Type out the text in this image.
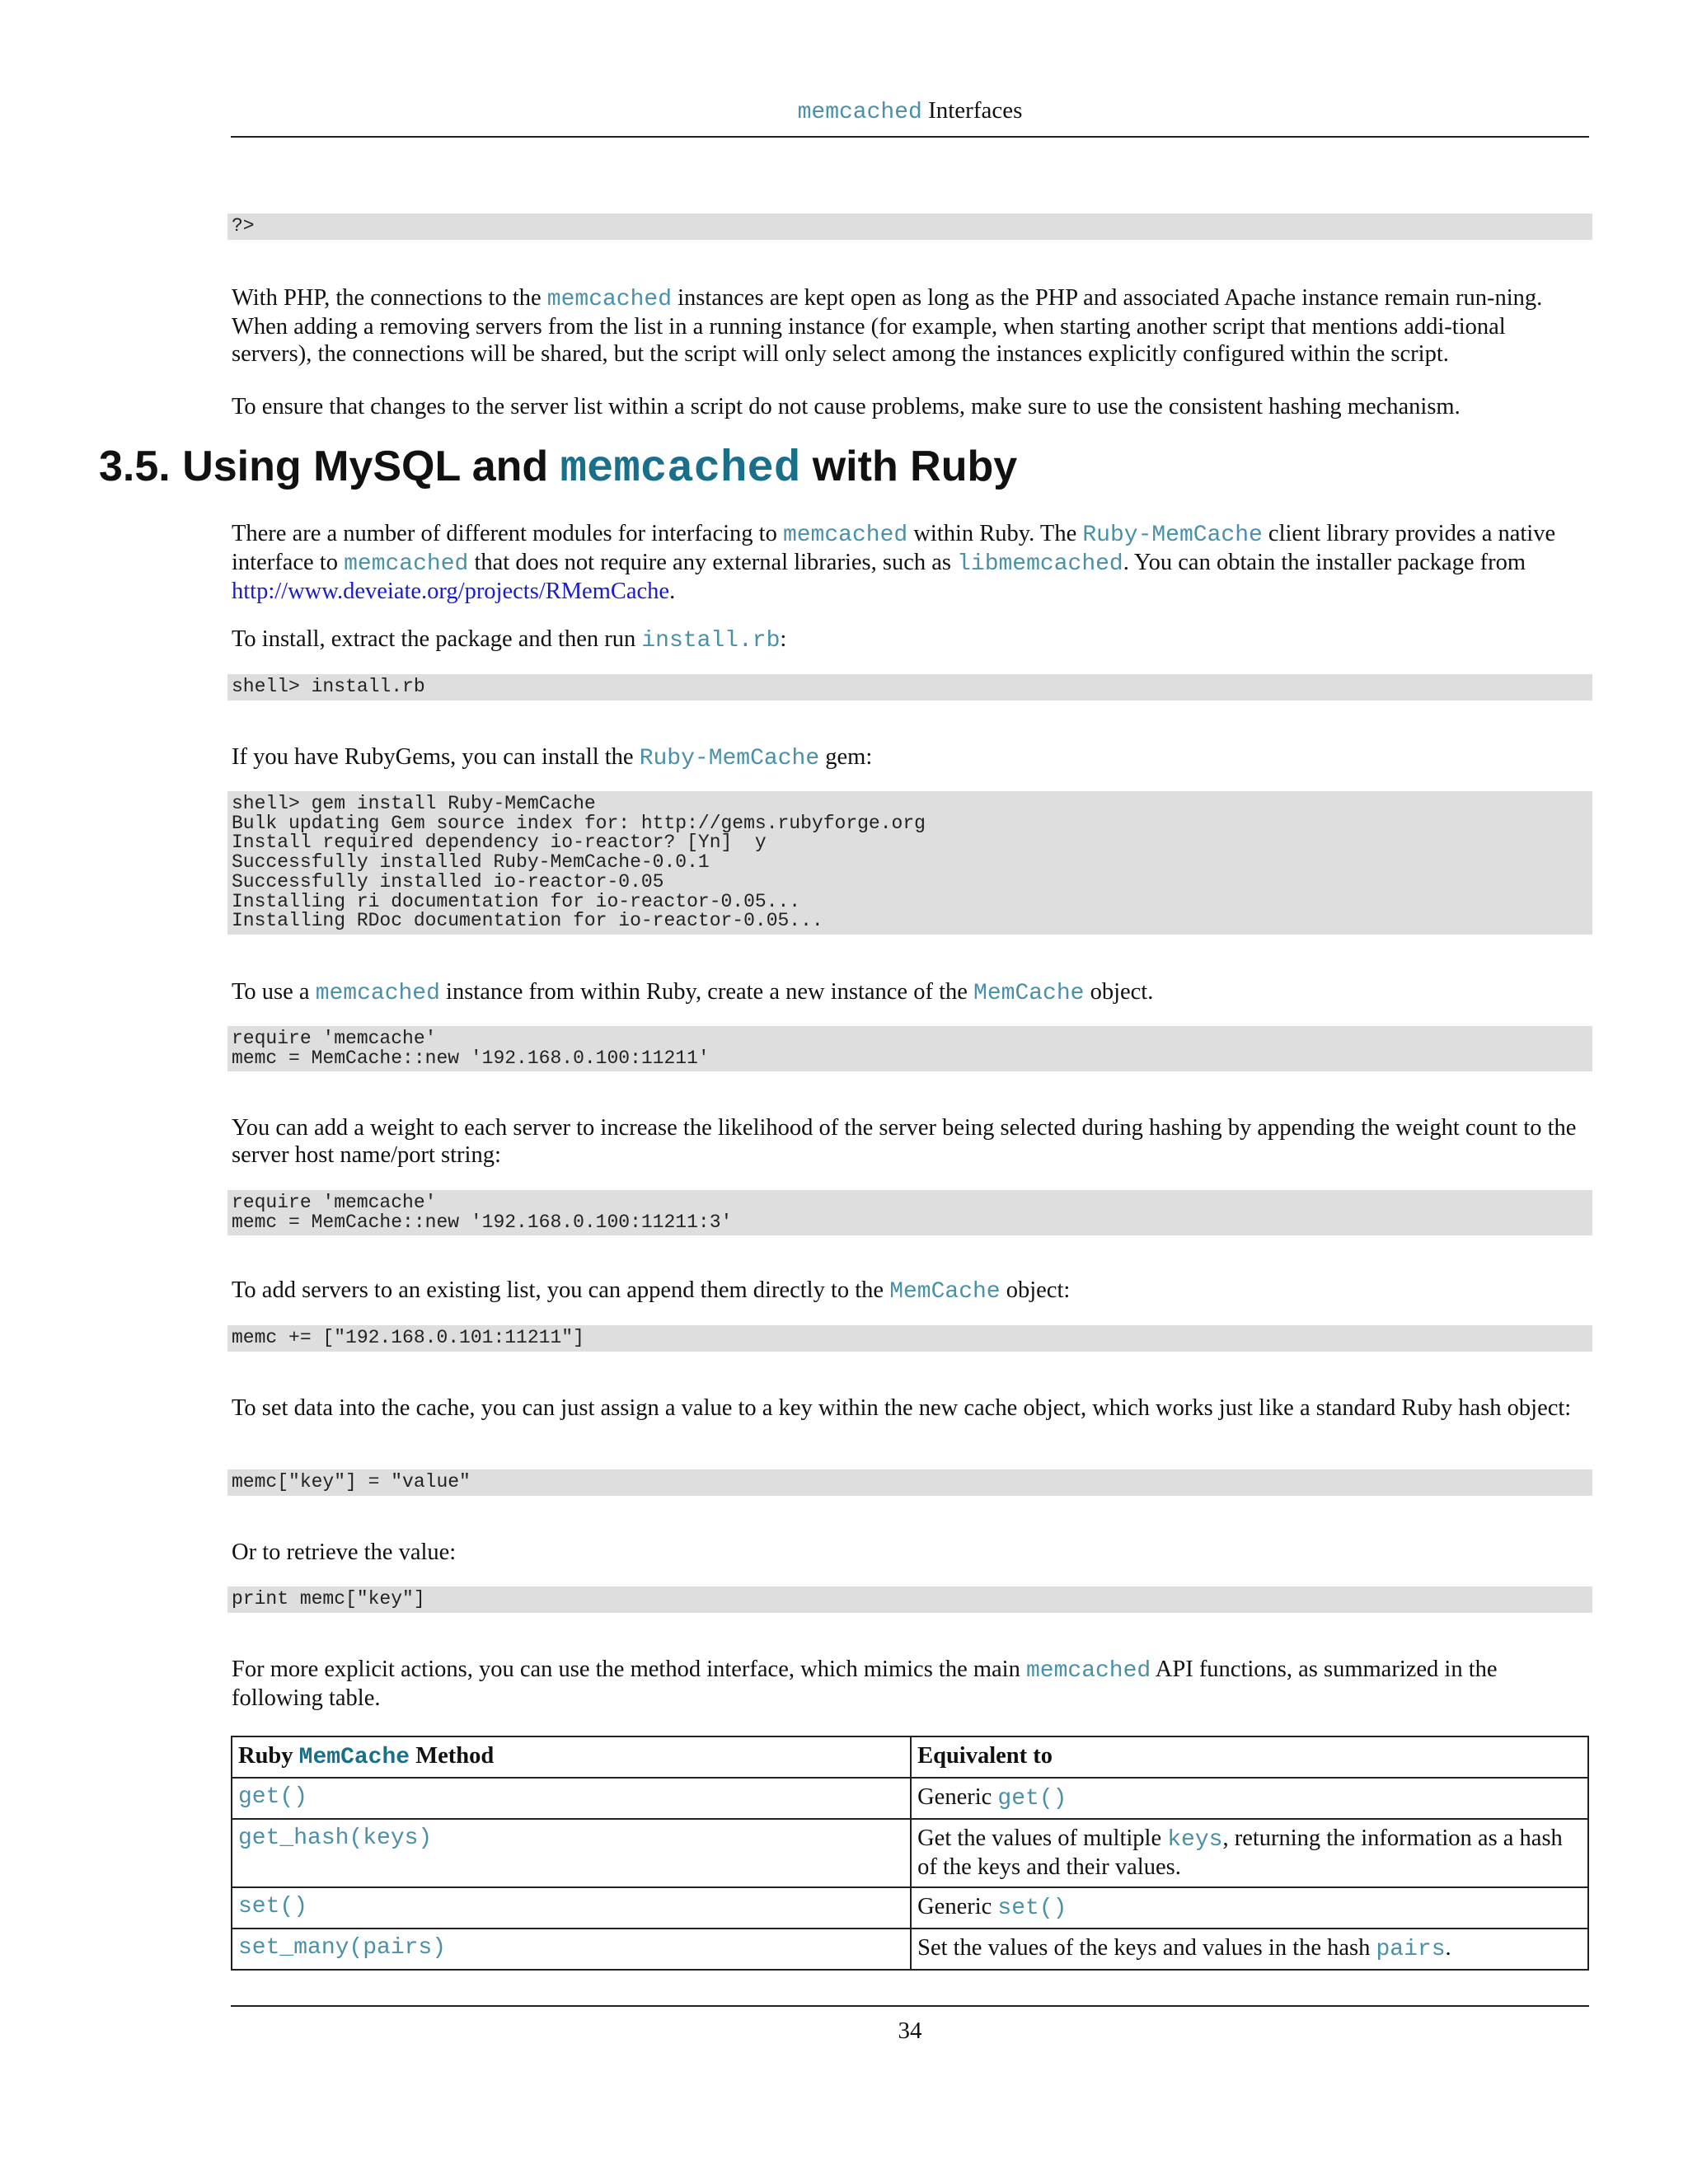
memcached Interfaces
?>
With PHP, the connections to the memcached instances are kept open as long as the PHP and associated Apache instance remain run-ning. When adding a removing servers from the list in a running instance (for example, when starting another script that mentions addi-tional servers), the connections will be shared, but the script will only select among the instances explicitly configured within the script.
To ensure that changes to the server list within a script do not cause problems, make sure to use the consistent hashing mechanism.
3.5. Using MySQL and memcached with Ruby
There are a number of different modules for interfacing to memcached within Ruby. The Ruby-MemCache client library provides a native interface to memcached that does not require any external libraries, such as libmemcached. You can obtain the installer package from http://www.deveiate.org/projects/RMemCache.
To install, extract the package and then run install.rb:
shell> install.rb
If you have RubyGems, you can install the Ruby-MemCache gem:
shell> gem install Ruby-MemCache
Bulk updating Gem source index for: http://gems.rubyforge.org
Install required dependency io-reactor? [Yn]  y
Successfully installed Ruby-MemCache-0.0.1
Successfully installed io-reactor-0.05
Installing ri documentation for io-reactor-0.05...
Installing RDoc documentation for io-reactor-0.05...
To use a memcached instance from within Ruby, create a new instance of the MemCache object.
require 'memcache'
memc = MemCache::new '192.168.0.100:11211'
You can add a weight to each server to increase the likelihood of the server being selected during hashing by appending the weight count to the server host name/port string:
require 'memcache'
memc = MemCache::new '192.168.0.100:11211:3'
To add servers to an existing list, you can append them directly to the MemCache object:
memc += ["192.168.0.101:11211"]
To set data into the cache, you can just assign a value to a key within the new cache object, which works just like a standard Ruby hash object:
memc["key"] = "value"
Or to retrieve the value:
print memc["key"]
For more explicit actions, you can use the method interface, which mimics the main memcached API functions, as summarized in the following table.
Ruby MemCache Method	Equivalent to
get()	Generic get()
get_hash(keys)	Get the values of multiple keys, returning the information as a hash of the keys and their values.
set()	Generic set()
set_many(pairs)	Set the values of the keys and values in the hash pairs.
34
